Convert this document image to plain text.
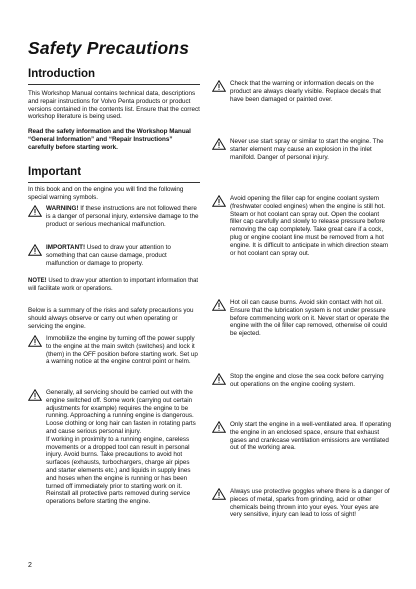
Safety Precautions
Introduction

This Workshop Manual contains technical data, descriptions and repair instructions for Volvo Penta products or product versions contained in the contents list. Ensure that the correct workshop literature is being used.

Read the safety information and the Workshop Manual “General Information” and “Repair Instructions” carefully before starting work.

Important

In this book and on the engine you will find the following special warning symbols.

WARNING! If these instructions are not followed there is a danger of personal injury, extensive damage to the product or serious mechanical malfunction.

IMPORTANT! Used to draw your attention to something that can cause damage, product malfunction or damage to property.

NOTE! Used to draw your attention to important information that will facilitate work or operations.

Below is a summary of the risks and safety precautions you should always observe or carry out when operating or servicing the engine.

Immobilize the engine by turning off the power supply to the engine at the main switch (switches) and lock it (them) in the OFF position before starting work. Set up a warning notice at the engine control point or helm.

Generally, all servicing should be carried out with the engine switched off. Some work (carrying out certain adjustments for example) requires the engine to be running. Approaching a running engine is dangerous. Loose clothing or long hair can fasten in rotating parts and cause serious personal injury.
If working in proximity to a running engine, careless movements or a dropped tool can result in personal injury. Avoid burns. Take precautions to avoid hot surfaces (exhausts, turbochargers, charge air pipes and starter elements etc.) and liquids in supply lines and hoses when the engine is running or has been turned off immediately prior to starting work on it. Reinstall all protective parts removed during service operations before starting the engine.

Check that the warning or information decals on the product are always clearly visible. Replace decals that have been damaged or painted over.

Never use start spray or similar to start the engine. The starter element may cause an explosion in the inlet manifold. Danger of personal injury.

Avoid opening the filler cap for engine coolant system (freshwater cooled engines) when the engine is still hot. Steam or hot coolant can spray out. Open the coolant filler cap carefully and slowly to release pressure before removing the cap completely. Take great care if a cock, plug or engine coolant line must be removed from a hot engine. It is difficult to anticipate in which direction steam or hot coolant can spray out.

Hot oil can cause burns. Avoid skin contact with hot oil. Ensure that the lubrication system is not under pressure before commencing work on it. Never start or operate the engine with the oil filler cap removed, otherwise oil could be ejected.

Stop the engine and close the sea cock before carrying out operations on the engine cooling system.

Only start the engine in a well-ventilated area. If operating the engine in an enclosed space, ensure that exhaust gases and crankcase ventilation emissions are ventilated out of the working area.

Always use protective goggles where there is a danger of pieces of metal, sparks from grinding, acid or other chemicals being thrown into your eyes. Your eyes are very sensitive, injury can lead to loss of sight!

2
